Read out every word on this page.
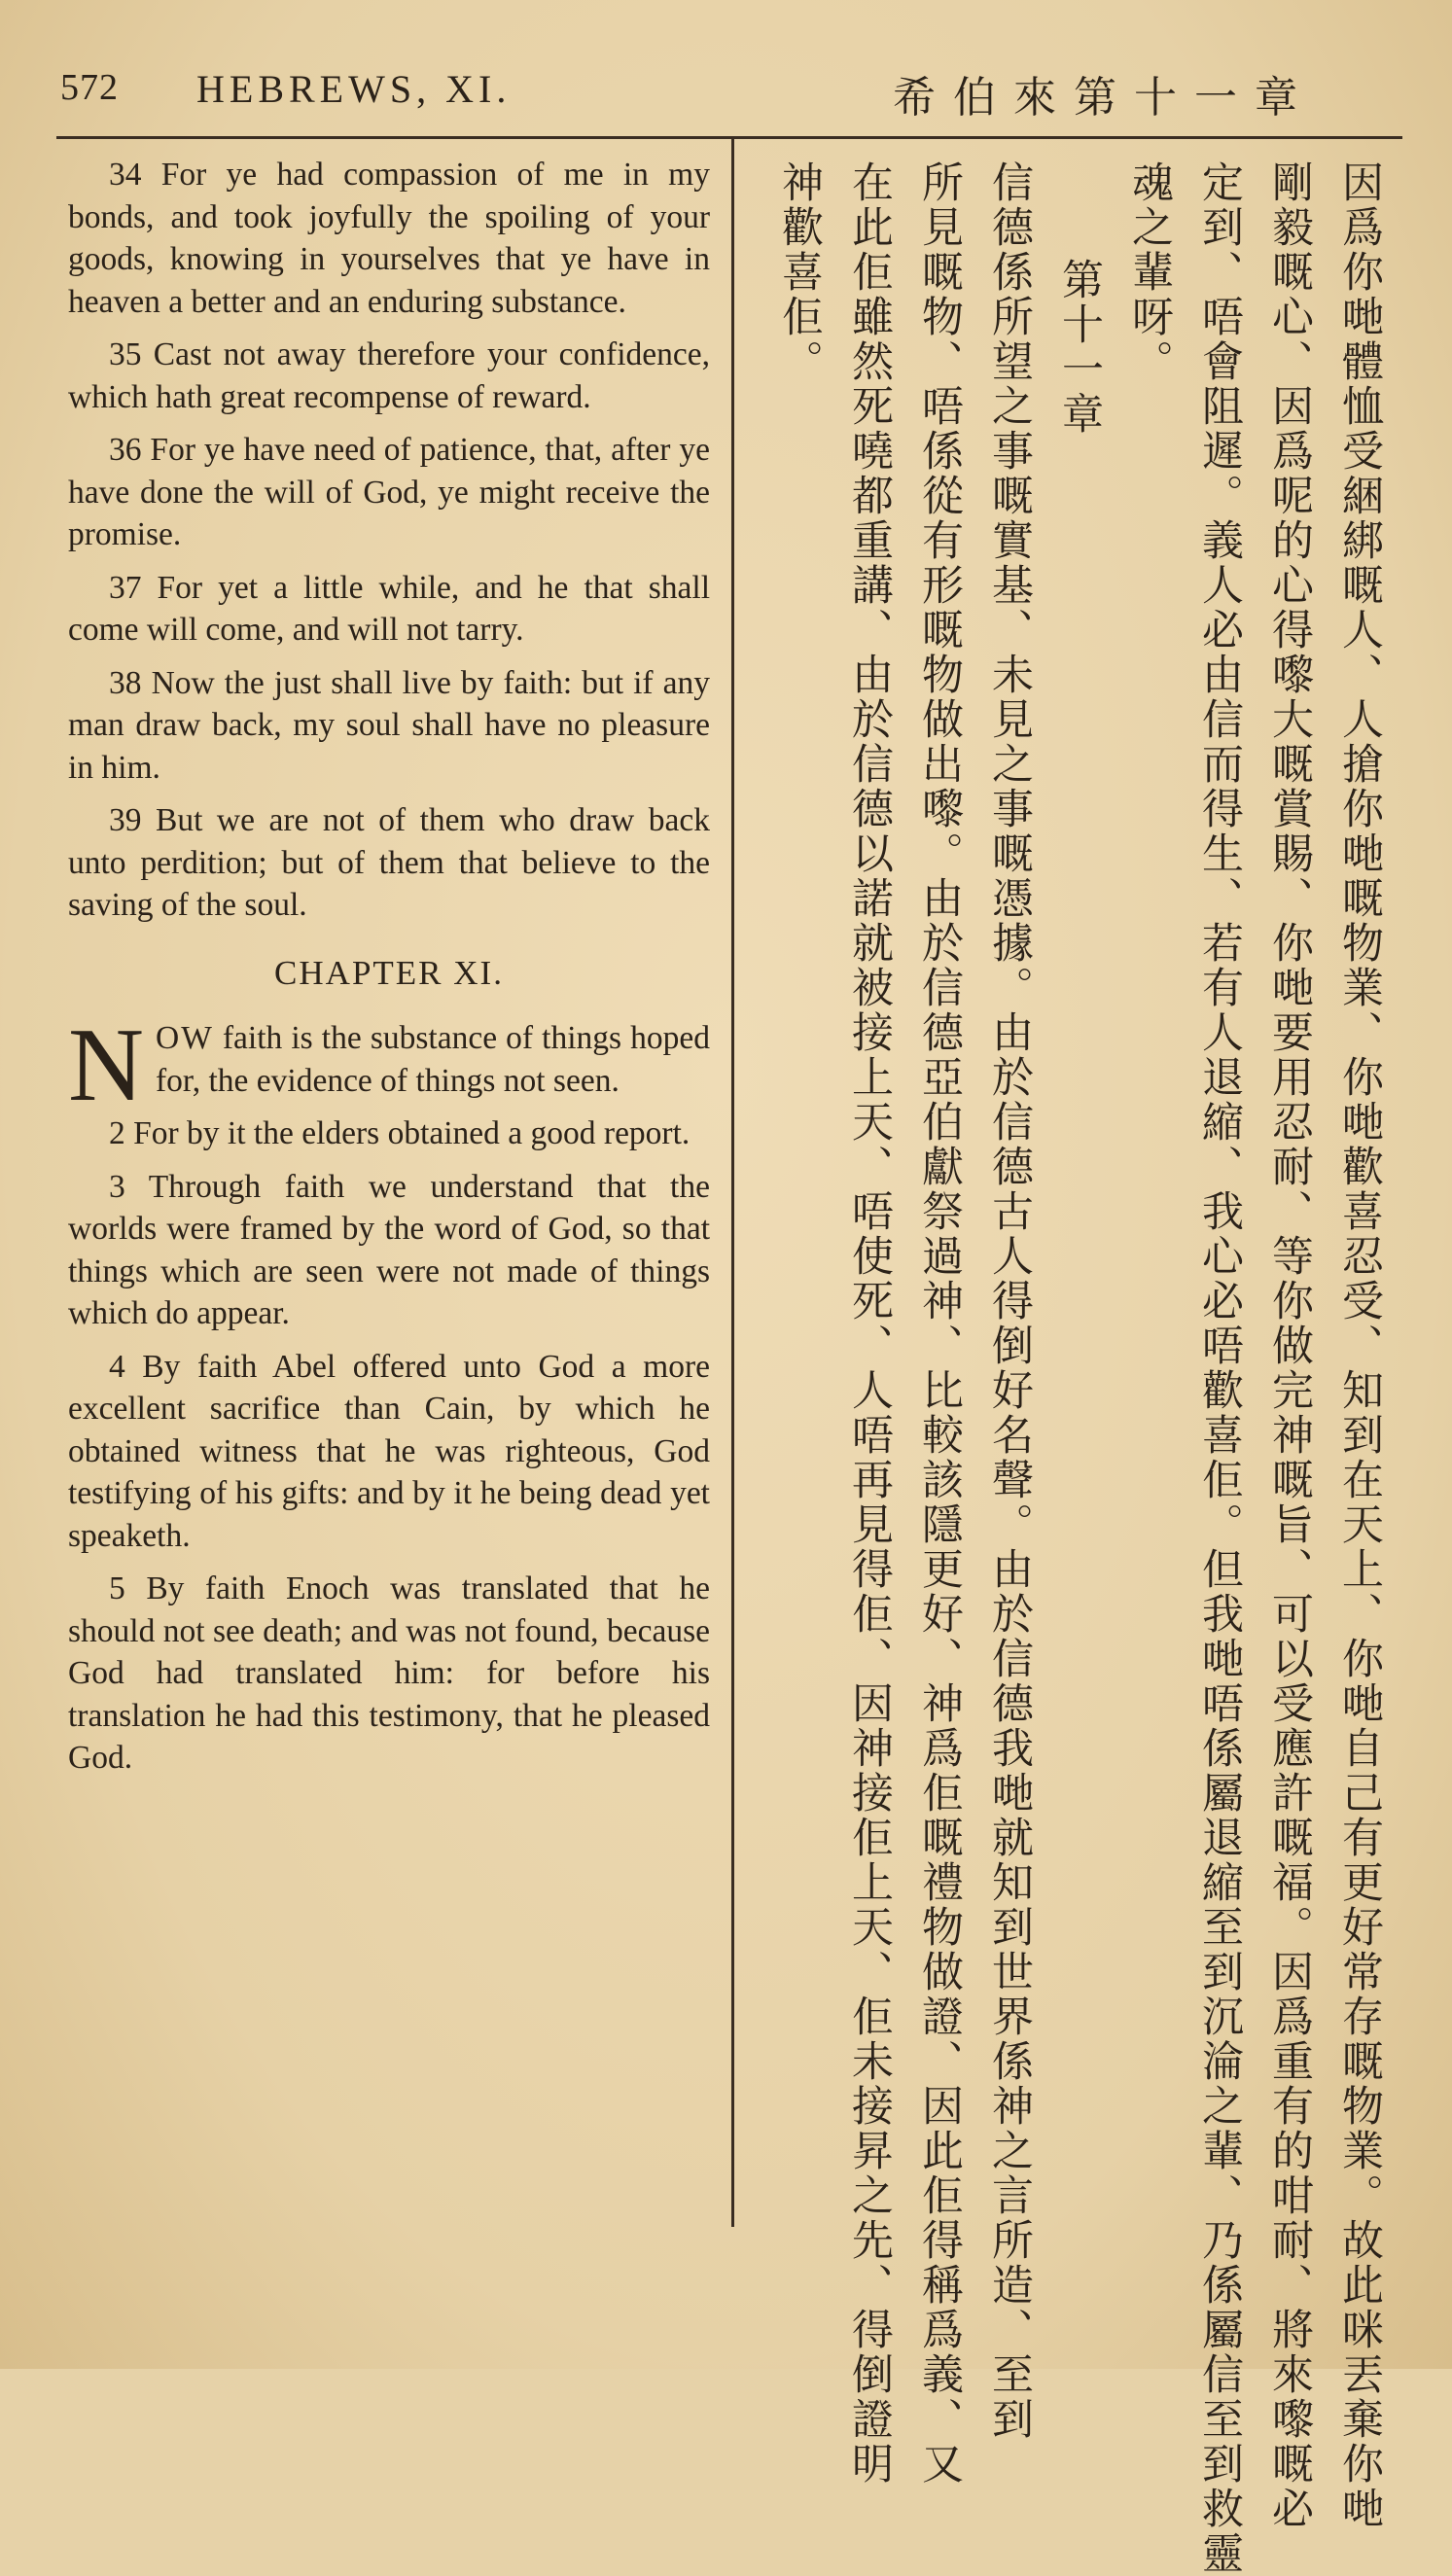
572 HEBREWS, XI.	希伯來第十一章

34 For ye had compassion of me in my bonds, and took joyfully the spoiling of your goods, knowing in yourselves that ye have in heaven a better and an enduring substance.

35 Cast not away therefore your confidence, which hath great recompense of reward.

36 For ye have need of patience, that, after ye have done the will of God, ye might receive the promise.

37 For yet a little while, and he that shall come will come, and will not tarry.

38 Now the just shall live by faith: but if any man draw back, my soul shall have no pleasure in him.

39 But we are not of them who draw back unto perdition; but of them that believe to the saving of the soul.

CHAPTER XI.

NOW faith is the substance of things hoped for, the evidence of things not seen.

2 For by it the elders obtained a good report.

3 Through faith we understand that the worlds were framed by the word of God, so that things which are seen were not made of things which do appear.

4 By faith Abel offered unto God a more excellent sacrifice than Cain, by which he obtained witness that he was righteous, God testifying of his gifts: and by it he being dead yet speaketh.

5 By faith Enoch was translated that he should not see death; and was not found, because God had translated him: for before his translation he had this testimony, that he pleased God.	因爲你哋體恤受綑綁嘅人、人搶你哋嘅物業、你哋歡喜忍受、知到在天上、你哋自己有更好常存嘅物業。故此咪丟棄你哋
剛毅嘅心、因爲呢的心得嚟大嘅賞賜、你哋要用忍耐、等你做完神嘅旨、可以受應許嘅福。因爲重有的咁耐、將來嚟嘅必
定到、唔會阻遲。義人必由信而得生、若有人退縮、我心必唔歡喜佢。但我哋唔係屬退縮至到沉淪之輩、乃係屬信至到救靈
魂之輩呀。
第十一章
信德係所望之事嘅實基、未見之事嘅憑據。由於信德古人得倒好名聲。由於信德我哋就知到世界係神之言所造、至到
所見嘅物、唔係從有形嘅物做出嚟。由於信德亞伯獻祭過神、比較該隱更好、神爲佢嘅禮物做證、因此佢得稱爲義、又
在此佢雖然死嘵都重講、由於信德以諾就被接上天、唔使死、人唔再見得佢、因神接佢上天、佢未接昇之先、得倒證明
神歡喜佢。
